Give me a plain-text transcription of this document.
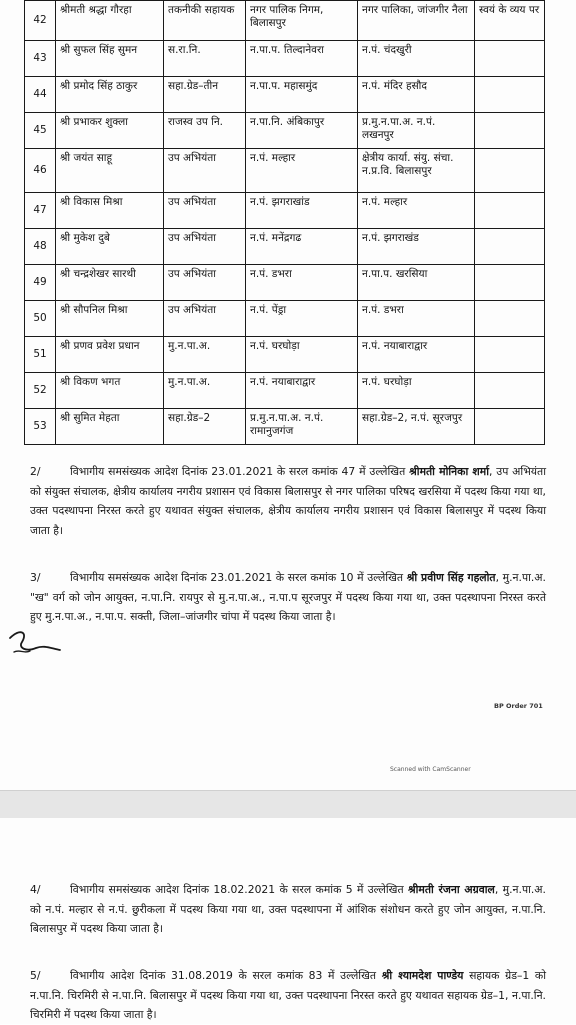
42	श्रीमती श्रद्धा गौरहा	तकनीकी सहायक	नगर पालिक निगम, बिलासपुर	नगर पालिका, जांजगीर नैला	स्वयं के व्यय पर
43	श्री सुफल सिंह सुमन	स.रा.नि.	न.पा.प. तिल्दानेवरा	न.पं. चंदखुरी	
44	श्री प्रमोद सिंह ठाकुर	सहा.ग्रेड–तीन	न.पा.प. महासमुंद	न.पं. मंदिर हसौद	
45	श्री प्रभाकर शुक्ला	राजस्व उप नि.	न.पा.नि. अंबिकापुर	प्र.मु.न.पा.अ. न.पं. लखनपुर	
46	श्री जयंत साहू	उप अभियंता	न.पं. मल्हार	क्षेत्रीय कार्या. संयु. संचा. न.प्र.वि. बिलासपुर	
47	श्री विकास मिश्रा	उप अभियंता	न.पं. झगराखांड	न.पं. मल्हार	
48	श्री मुकेश दुबे	उप अभियंता	न.पं. मनेंद्रगढ	न.पं. झगराखंड	
49	श्री चन्द्रशेखर सारथी	उप अभियंता	न.पं. डभरा	न.पा.प. खरसिया	
50	श्री सौपनिल मिश्रा	उप अभियंता	न.पं. पेंड्रा	न.पं. डभरा	
51	श्री प्रणव प्रवेश प्रधान	मु.न.पा.अ.	न.पं. घरघोड़ा	न.पं. नयाबाराद्वार	
52	श्री विकण भगत	मु.न.पा.अ.	न.पं. नयाबाराद्वार	न.पं. घरघोड़ा	
53	श्री सुमित मेहता	सहा.ग्रेड–2	प्र.मु.न.पा.अ. न.पं. रामानुजगंज	सहा.ग्रेड–2, न.पं. सूरजपुर	
2/	विभागीय समसंख्यक आदेश दिनांक 23.01.2021 के सरल कमांक 47 में उल्लेखित श्रीमती मोनिका शर्मा, उप अभियंता को संयुक्त संचालक, क्षेत्रीय कार्यालय नगरीय प्रशासन एवं विकास बिलासपुर से नगर पालिका परिषद खरसिया में पदस्थ किया गया था, उक्त पदस्थापना निरस्त करते हुए यथावत संयुक्त संचालक, क्षेत्रीय कार्यालय नगरीय प्रशासन एवं विकास बिलासपुर में पदस्थ किया जाता है।
3/	विभागीय समसंख्यक आदेश दिनांक 23.01.2021 के सरल कमांक 10 में उल्लेखित श्री प्रवीण सिंह गहलोत, मु.न.पा.अ. "ख" वर्ग को जोन आयुक्त, न.पा.नि. रायपुर से मु.न.पा.अ., न.पा.प सूरजपुर में पदस्थ किया गया था, उक्त पदस्थापना निरस्त करते हुए मु.न.पा.अ., न.पा.प. सक्ती, जिला–जांजगीर चांपा में पदस्थ किया जाता है।
BP Order 701
Scanned with CamScanner
4/	विभागीय समसंख्यक आदेश दिनांक 18.02.2021 के सरल कमांक 5 में उल्लेखित श्रीमती रंजना अग्रवाल, मु.न.पा.अ. को न.पं. मल्हार से न.पं. छुरीकला में पदस्थ किया गया था, उक्त पदस्थापना में आंशिक संशोधन करते हुए जोन आयुक्त, न.पा.नि. बिलासपुर में पदस्थ किया जाता है।
5/	विभागीय आदेश दिनांक 31.08.2019 के सरल कमांक 83 में उल्लेखित श्री श्यामदेश पाण्डेय सहायक ग्रेड–1 को न.पा.नि. चिरमिरी से न.पा.नि. बिलासपुर में पदस्थ किया गया था, उक्त पदस्थापना निरस्त करते हुए यथावत सहायक ग्रेड–1, न.पा.नि. चिरमिरी में पदस्थ किया जाता है।
